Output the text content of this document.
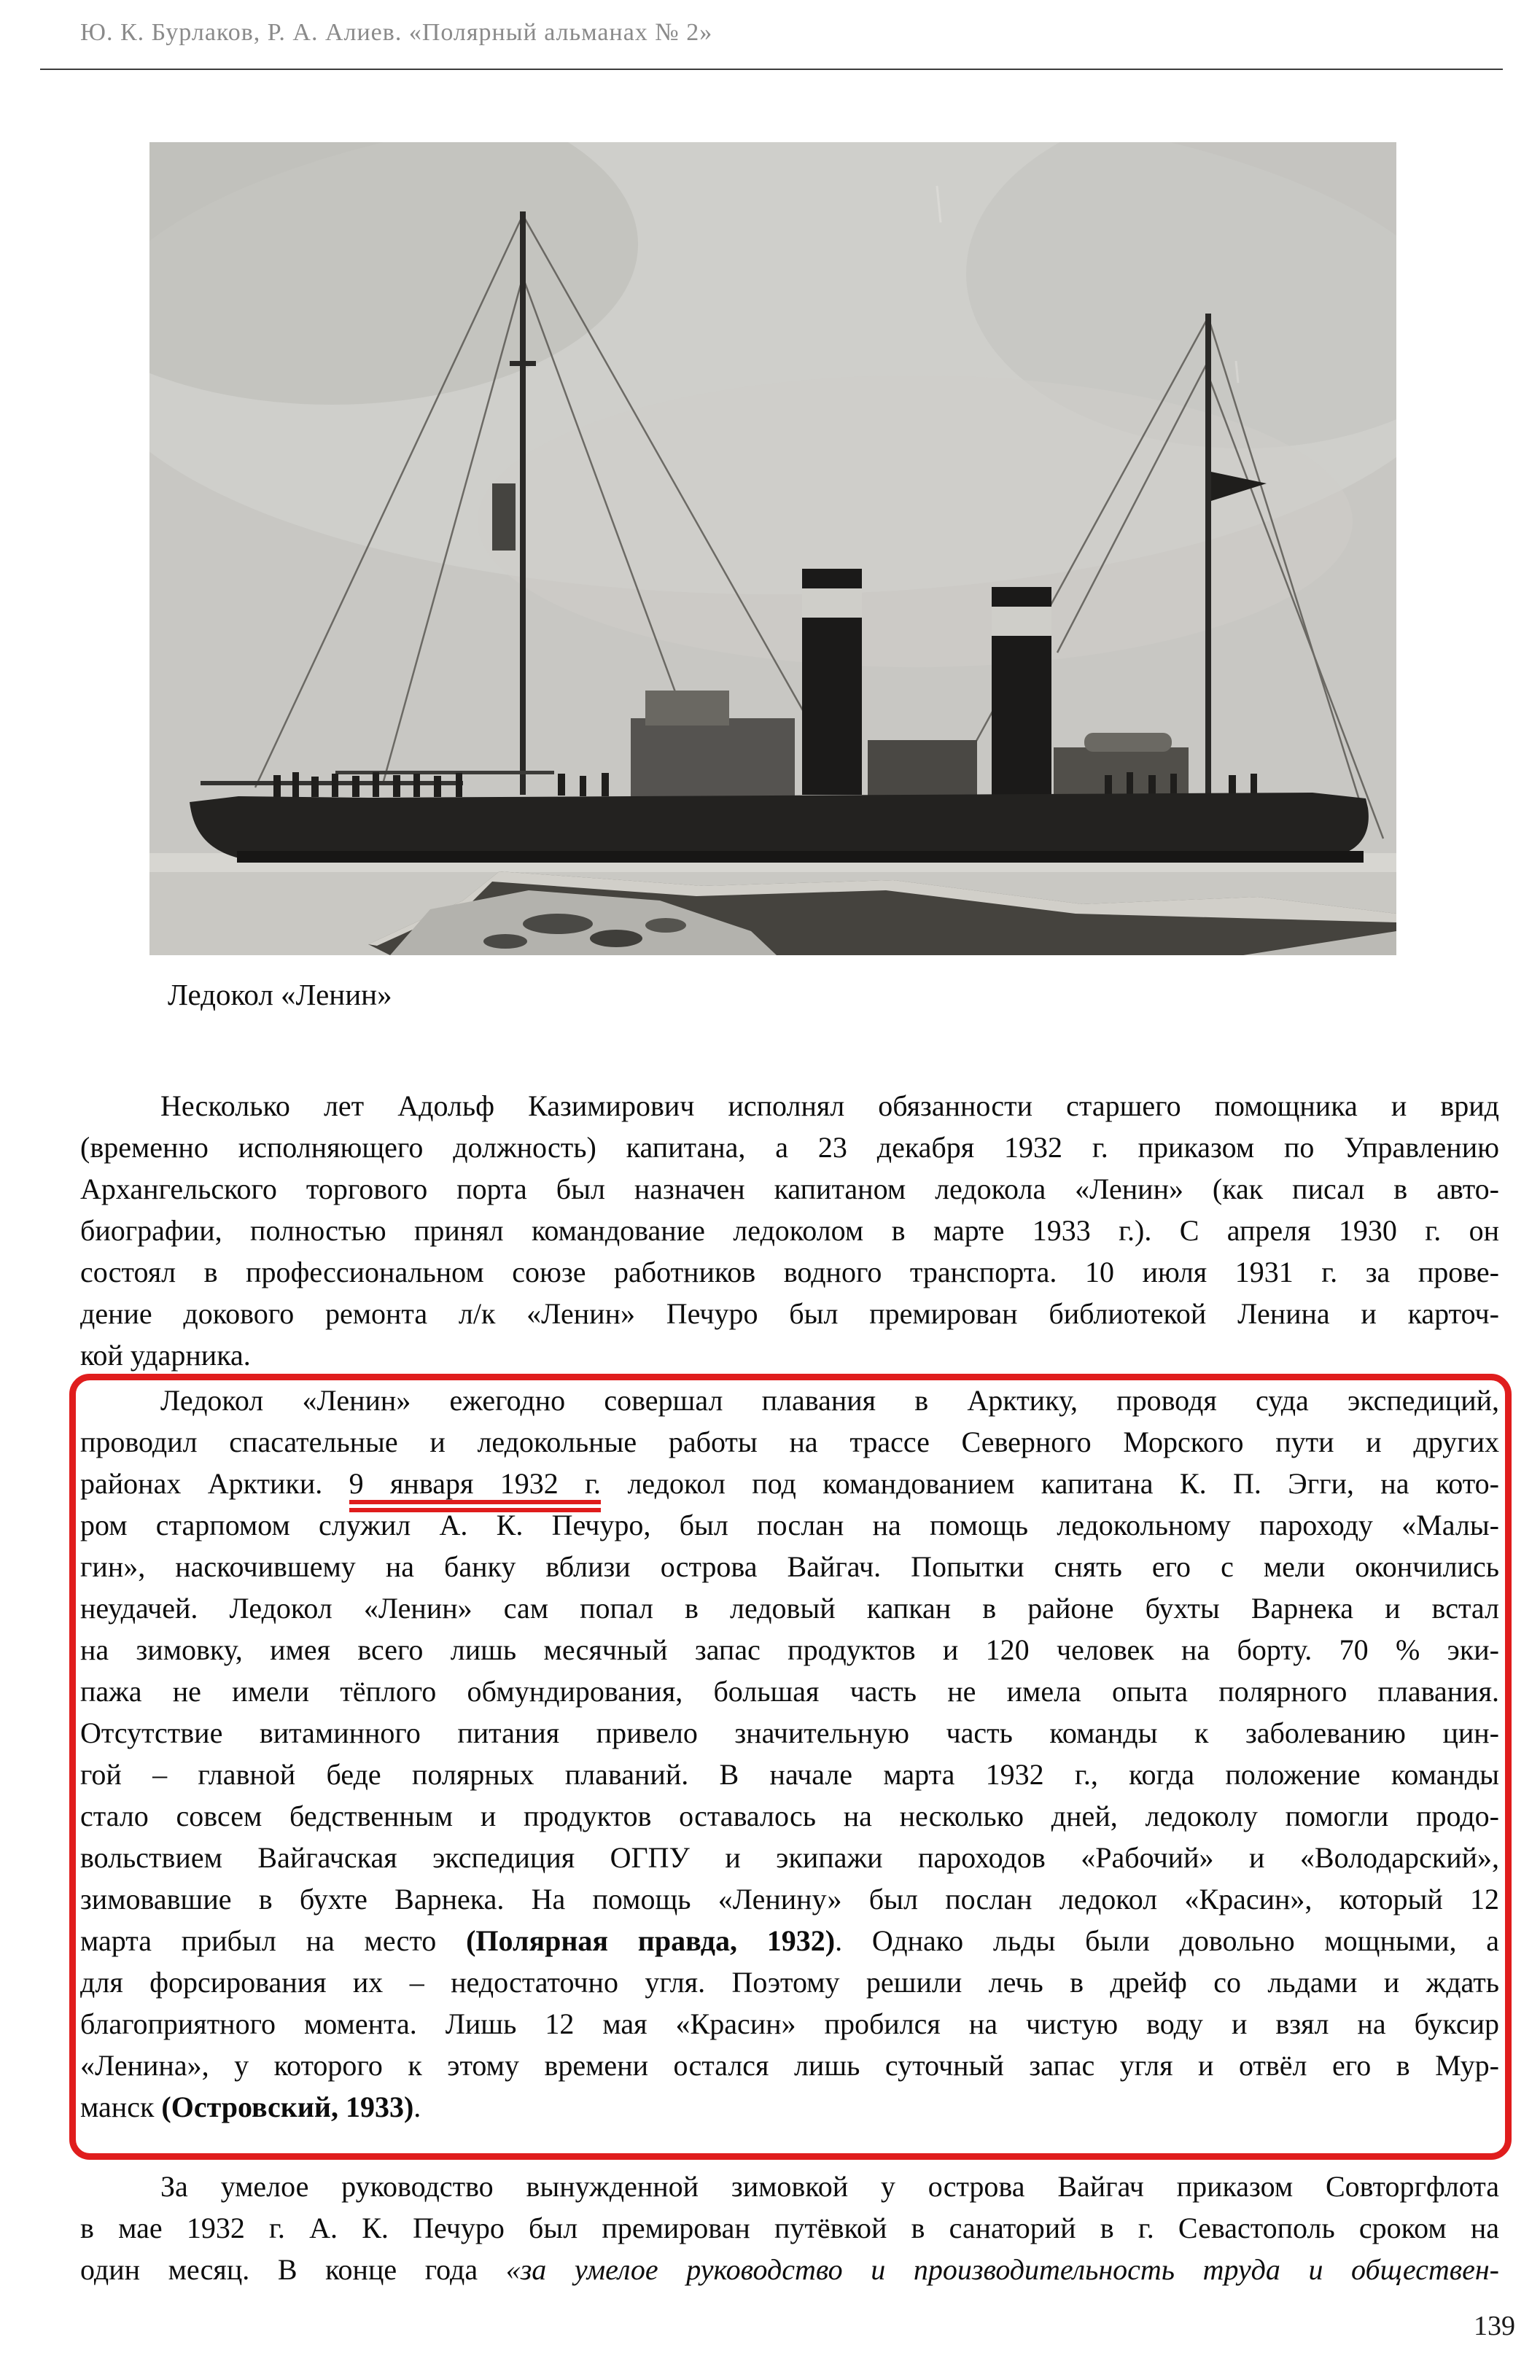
Ю. К. Бурлаков, Р. А. Алиев. «Полярный альманах № 2»
Ледокол «Ленин»
Несколько лет Адольф Казимирович исполнял обязанности старшего помощника и врид
(временно исполняющего должность) капитана, а 23 декабря 1932 г. приказом по Управлению
Архангельского торгового порта был назначен капитаном ледокола «Ленин» (как писал в авто-
биографии, полностью принял командование ледоколом в марте 1933 г.). С апреля 1930 г. он
состоял в профессиональном союзе работников водного транспорта. 10 июля 1931 г. за прове-
дение докового ремонта л/к «Ленин» Печуро был премирован библиотекой Ленина и карточ-
кой ударника.
Ледокол «Ленин» ежегодно совершал плавания в Арктику, проводя суда экспедиций,
проводил спасательные и ледокольные работы на трассе Северного Морского пути и других
районах Арктики. 9 января 1932 г. ледокол под командованием капитана К. П. Эгги, на кото-
ром старпомом служил А. К. Печуро, был послан на помощь ледокольному пароходу «Малы-
гин», наскочившему на банку вблизи острова Вайгач. Попытки снять его с мели окончились
неудачей. Ледокол «Ленин» сам попал в ледовый капкан в районе бухты Варнека и встал
на зимовку, имея всего лишь месячный запас продуктов и 120 человек на борту. 70 % эки-
пажа не имели тёплого обмундирования, большая часть не имела опыта полярного плавания.
Отсутствие витаминного питания привело значительную часть команды к заболеванию цин-
гой – главной беде полярных плаваний. В начале марта 1932 г., когда положение команды
стало совсем бедственным и продуктов оставалось на несколько дней, ледоколу помогли продо-
вольствием Вайгачская экспедиция ОГПУ и экипажи пароходов «Рабочий» и «Володарский»,
зимовавшие в бухте Варнека. На помощь «Ленину» был послан ледокол «Красин», который 12
марта прибыл на место (Полярная правда, 1932). Однако льды были довольно мощными, а
для форсирования их – недостаточно угля. Поэтому решили лечь в дрейф со льдами и ждать
благоприятного момента. Лишь 12 мая «Красин» пробился на чистую воду и взял на буксир
«Ленина», у которого к этому времени остался лишь суточный запас угля и отвёл его в Мур-
манск (Островский, 1933).
За умелое руководство вынужденной зимовкой у острова Вайгач приказом Совторгфлота
в мае 1932 г. А. К. Печуро был премирован путёвкой в санаторий в г. Севастополь сроком на
один месяц. В конце года «за умелое руководство и производительность труда и обществен-
139
